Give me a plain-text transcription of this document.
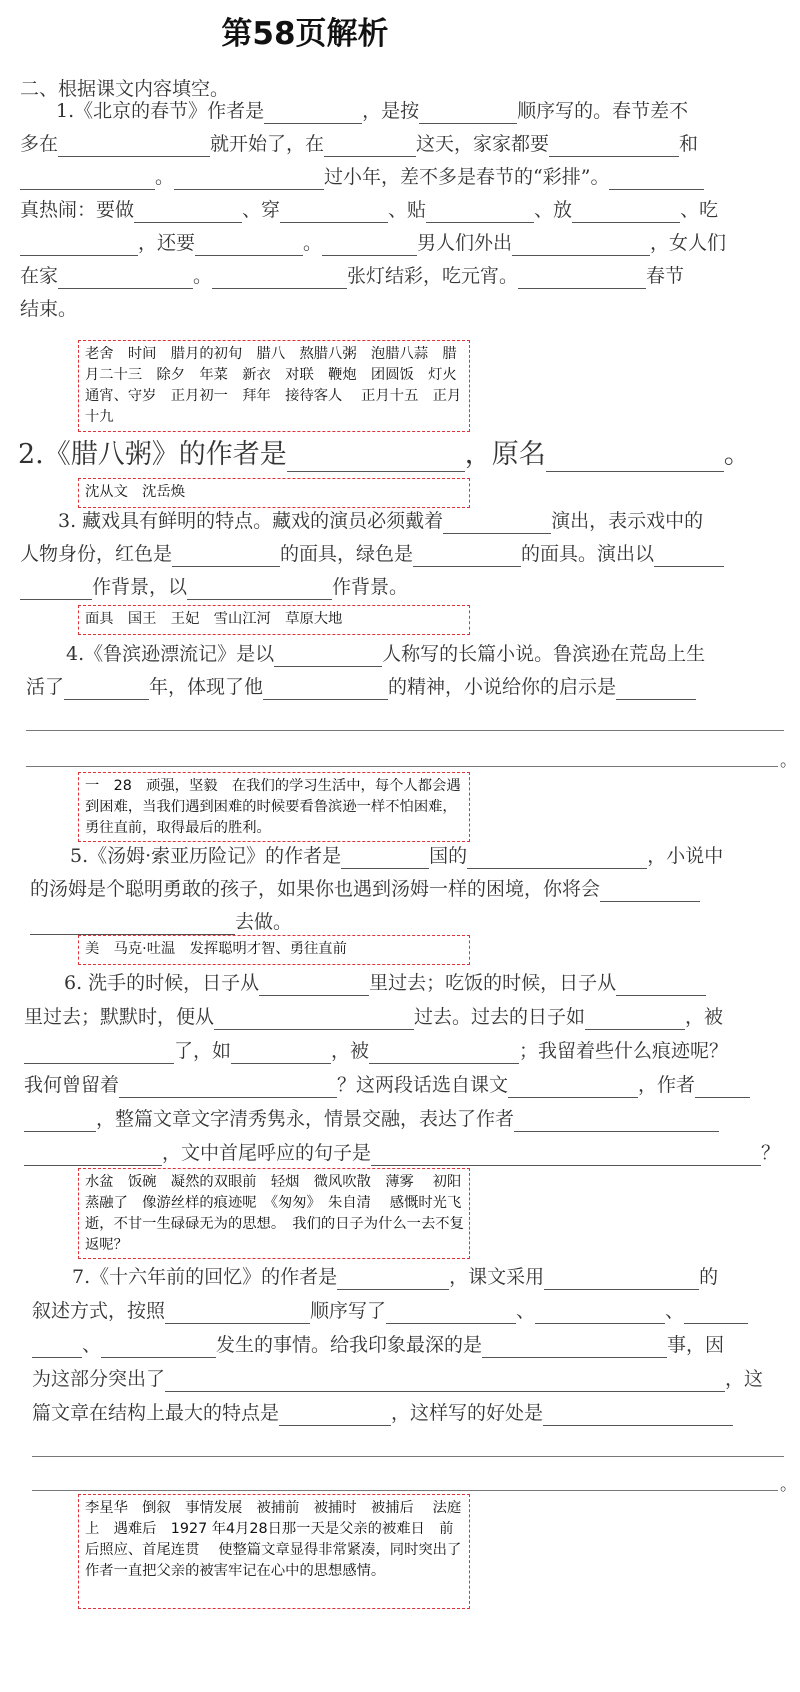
第58页解析
二、根据课文内容填空。
1.《北京的春节》作者是	，是按	顺序写的。春节差不
多在	就开始了，在	这天，家家都要	和
。	过小年，差不多是春节的“彩排”。
真热闹：要做	、穿	、贴	、放	、吃
，还要	。	男人们外出	，女人们
在家	。	张灯结彩，吃元宵。	春节
结束。
老舍　时间　腊月的初旬　腊八　熬腊八粥　泡腊八蒜　腊月二十三　除夕　年菜　新衣　对联　鞭炮　团圆饭　灯火通宵、守岁　正月初一　拜年　接待客人　 正月十五　正月十九
2.《腊八粥》的作者是	，原名	。
沈从文　沈岳焕
3. 藏戏具有鲜明的特点。藏戏的演员必须戴着	演出，表示戏中的
人物身份，红色是	的面具，绿色是	的面具。演出以
作背景，以	作背景。
面具　国王　王妃　雪山江河　草原大地
4.《鲁滨逊漂流记》是以	人称写的长篇小说。鲁滨逊在荒岛上生
活了	年，体现了他	的精神，小说给你的启示是
。
一　28　顽强，坚毅　在我们的学习生活中，每个人都会遇到困难，当我们遇到困难的时候要看鲁滨逊一样不怕困难，勇往直前，取得最后的胜利。
5.《汤姆·索亚历险记》的作者是	国的	，小说中
的汤姆是个聪明勇敢的孩子，如果你也遇到汤姆一样的困境，你将会
去做。
美　马克·吐温　发挥聪明才智、勇往直前
6. 洗手的时候，日子从	里过去；吃饭的时候，日子从
里过去；默默时，便从	过去。过去的日子如	，被
了，如	，被	；我留着些什么痕迹呢？
我何曾留着	？这两段话选自课文	，作者
，整篇文章文字清秀隽永，情景交融，表达了作者
，文中首尾呼应的句子是	？
水盆　饭碗　凝然的双眼前　轻烟　微风吹散　薄雾　 初阳蒸融了　像游丝样的痕迹呢　《匆匆》　朱自清　 感慨时光飞逝，不甘一生碌碌无为的思想。　我们的日子为什么一去不复返呢？
7.《十六年前的回忆》的作者是	，课文采用	的
叙述方式，按照	顺序写了	、	、
、	发生的事情。给我印象最深的是	事，因
为这部分突出了	，这
篇文章在结构上最大的特点是	，这样写的好处是
。
李星华　倒叙　事情发展　被捕前　被捕时　被捕后　 法庭上　遇难后　1927 年4月28日那一天是父亲的被难日　前后照应、首尾连贯　 使整篇文章显得非常紧凑，同时突出了作者一直把父亲的被害牢记在心中的思想感情。
